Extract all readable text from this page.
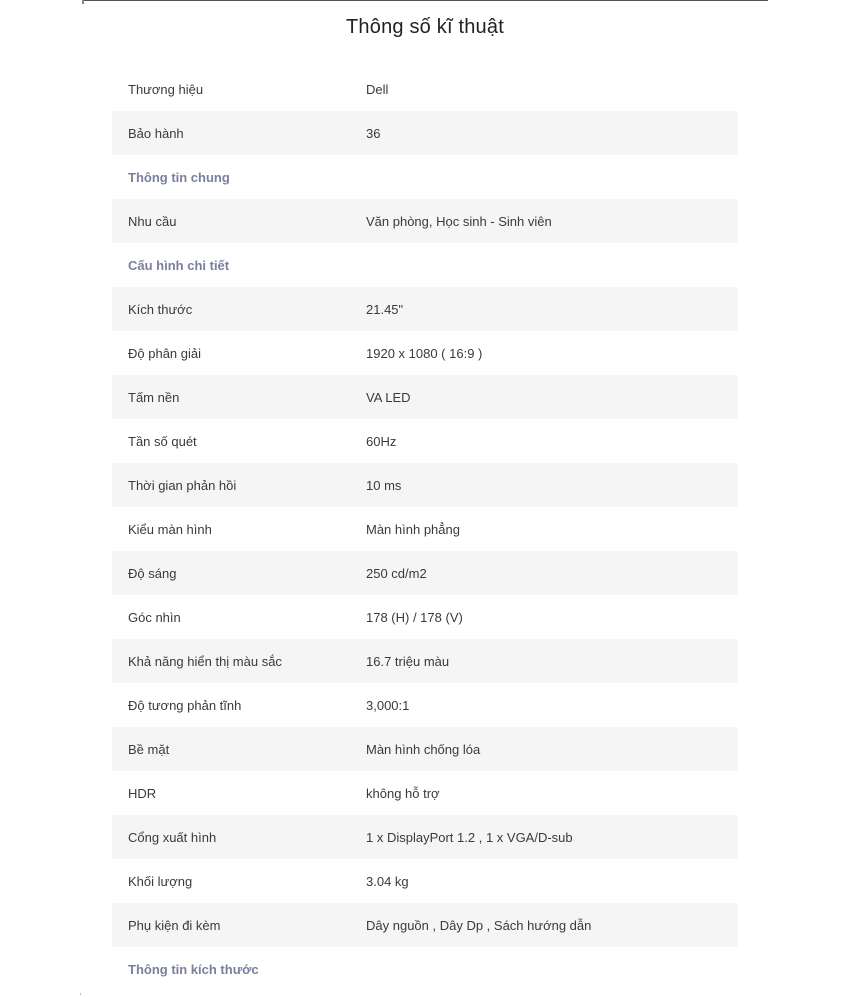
Thông số kĩ thuật
Thương hiệu	Dell
Bảo hành	36
Thông tin chung
Nhu cầu	Văn phòng, Học sinh - Sinh viên
Cấu hình chi tiết
Kích thước	21.45"
Độ phân giải	1920 x 1080 ( 16:9 )
Tấm nền	VA LED
Tần số quét	60Hz
Thời gian phản hồi	10 ms
Kiểu màn hình	Màn hình phẳng
Độ sáng	250 cd/m2
Góc nhìn	178 (H) / 178 (V)
Khả năng hiển thị màu sắc	16.7 triệu màu
Độ tương phản tĩnh	3,000:1
Bề mặt	Màn hình chống lóa
HDR	không hỗ trợ
Cổng xuất hình	1 x DisplayPort 1.2 , 1 x VGA/D-sub
Khối lượng	3.04 kg
Phụ kiện đi kèm	Dây nguồn , Dây Dp , Sách hướng dẫn
Thông tin kích thước
